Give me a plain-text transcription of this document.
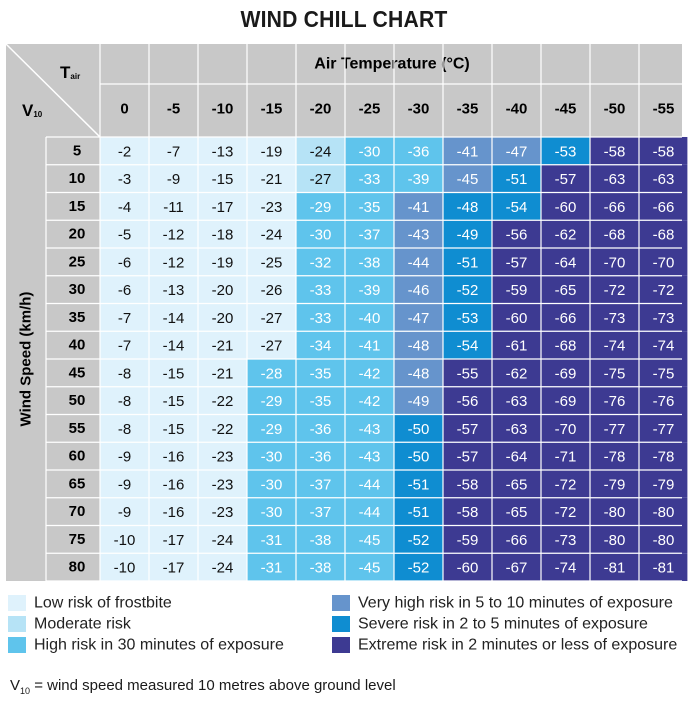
WIND CHILL CHART
$T_{air}$
$V_{10}$
Air Temperature (°C)
0	-5 -10 -15 -20 -25 -30 -35 -40 -45 -50 -55
5
10
15
20
25
30
35
40
45
50
55
60
65
70
75
80
Wind Speed (km/h)
-2 -7 -13 -19 -24 -30 -36 -41 -47 -53 -58 -58
-3 -9 -15 -21 -27 -33 -39 -45 -51 -57 -63 -63
-4 -11 -17 -23 -29 -35 -41 -48 -54 -60 -66 -66
-5 -12 -18 -24 -30 -37 -43 -49 -56 -62 -68 -68
-6 -12 -19 -25 -32 -38 -44 -51 -57 -64 -70 -70
-6 -13 -20 -26 -33 -39 -46 -52 -59 -65 -72 -72
-7 -14 -20 -27 -33 -40 -47 -53 -60 -66 -73 -73
-7 -14 -21 -27 -34 -41 -48 -54 -61 -68 -74 -74
-8 -15 -21 -28 -35 -42 -48 -55 -62 -69 -75 -75
-8 -15 -22 -29 -35 -42 -49 -56 -63 -69 -76 -76
-8 -15 -22 -29 -36 -43 -50 -57 -63 -70 -77 -77
-9 -16 -23 -30 -36 -43 -50 -57 -64 -71 -78 -78
-9 -16 -23 -30 -37 -44 -51 -58 -65 -72 -79 -79
-9 -16 -23 -30 -37 -44 -51 -58 -65 -72 -80 -80
-10 -17 -24 -31 -38 -45 -52 -59 -66 -73 -80 -80
-10 -17 -24 -31 -38 -45 -52 -60 -67 -74 -81 -81
Low risk of frostbite
Moderate risk
High risk in 30 minutes of exposure
Very high risk in 5 to 10 minutes of exposure
Severe risk in 2 to 5 minutes of exposure
Extreme risk in 2 minutes or less of exposure
$V_{10}$ = wind speed measured 10 metres above ground level
